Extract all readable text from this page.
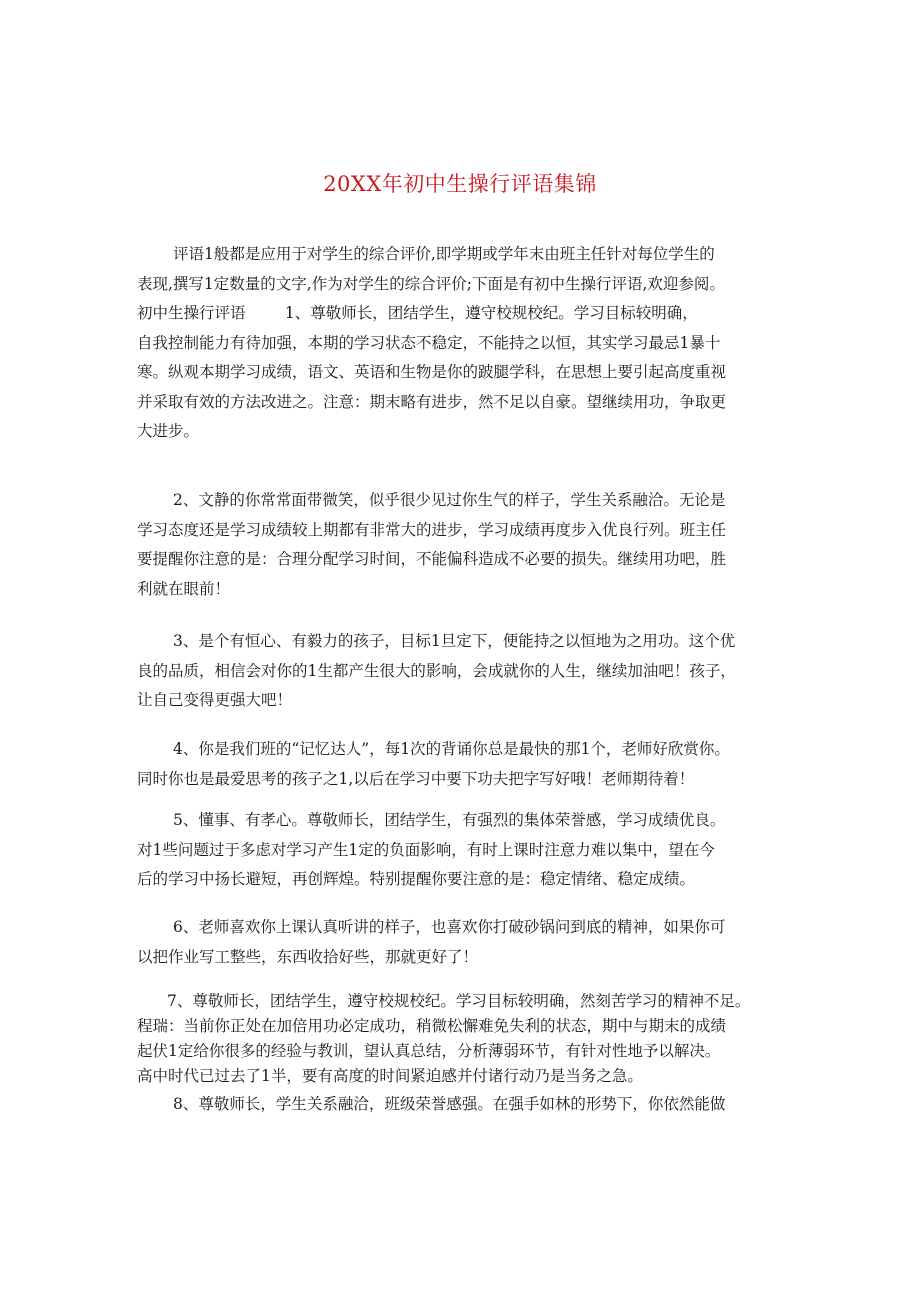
20XX年初中生操行评语集锦
评语1般都是应用于对学生的综合评价,即学期或学年末由班主任针对每位学生的
表现,撰写1定数量的文字,作为对学生的综合评价;下面是有初中生操行评语,欢迎参阅。
初中生操行评语        1、尊敬师长，团结学生，遵守校规校纪。学习目标较明确，
自我控制能力有待加强，本期的学习状态不稳定，不能持之以恒，其实学习最忌1暴十
寒。纵观本期学习成绩，语文、英语和生物是你的跛腿学科，在思想上要引起高度重视
并采取有效的方法改进之。注意：期末略有进步，然不足以自豪。望继续用功，争取更
大进步。
2、文静的你常常面带微笑，似乎很少见过你生气的样子，学生关系融洽。无论是
学习态度还是学习成绩较上期都有非常大的进步，学习成绩再度步入优良行列。班主任
要提醒你注意的是：合理分配学习时间，不能偏科造成不必要的损失。继续用功吧，胜
利就在眼前！
3、是个有恒心、有毅力的孩子，目标1旦定下，便能持之以恒地为之用功。这个优
良的品质，相信会对你的1生都产生很大的影响，会成就你的人生，继续加油吧！孩子，
让自己变得更强大吧！
4、你是我们班的“记忆达人”，每1次的背诵你总是最快的那1个，老师好欣赏你。
同时你也是最爱思考的孩子之1,以后在学习中要下功夫把字写好哦！老师期待着！
5、懂事、有孝心。尊敬师长，团结学生，有强烈的集体荣誉感，学习成绩优良。
对1些问题过于多虑对学习产生1定的负面影响，有时上课时注意力难以集中，望在今
后的学习中扬长避短，再创辉煌。特别提醒你要注意的是：稳定情绪、稳定成绩。
6、老师喜欢你上课认真听讲的样子，也喜欢你打破砂锅问到底的精神，如果你可
以把作业写工整些，东西收拾好些，那就更好了！
7、尊敬师长，团结学生，遵守校规校纪。学习目标较明确，然刻苦学习的精神不足。
程瑞：当前你正处在加倍用功必定成功，稍微松懈难免失利的状态，期中与期末的成绩
起伏1定给你很多的经验与教训，望认真总结，分析薄弱环节，有针对性地予以解决。
高中时代已过去了1半，要有高度的时间紧迫感并付诸行动乃是当务之急。
8、尊敬师长，学生关系融洽，班级荣誉感强。在强手如林的形势下，你依然能做
